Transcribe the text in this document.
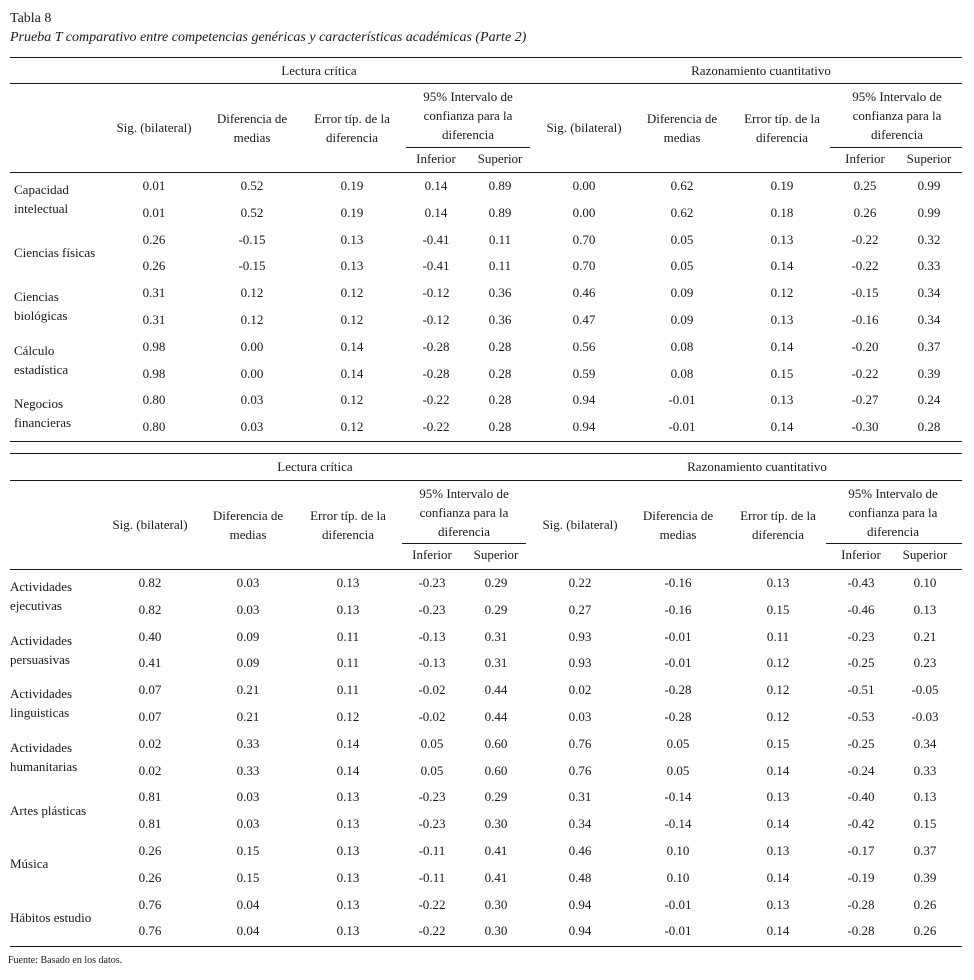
Tabla 8
Prueba T comparativo entre competencias genéricas y características académicas (Parte 2)
Lectura crítica	Razonamiento cuantitativo
Sig. (bilateral)
Diferencia de medias
Error típ. de la diferencia
95% Intervalo de confianza para la diferencia
Inferior	Superior
Sig. (bilateral)
Diferencia de medias
Error típ. de la diferencia
95% Intervalo de confianza para la diferencia
Inferior	Superior
Capacidad intelectual
0.01	0.52	0.19	0.14	0.89	0.00	0.62	0.19	0.25	0.99
0.01	0.52	0.19	0.14	0.89	0.00	0.62	0.18	0.26	0.99
Ciencias físicas
0.26	-0.15	0.13	-0.41	0.11	0.70	0.05	0.13	-0.22	0.32
0.26	-0.15	0.13	-0.41	0.11	0.70	0.05	0.14	-0.22	0.33
Ciencias biológicas
0.31	0.12	0.12	-0.12	0.36	0.46	0.09	0.12	-0.15	0.34
0.31	0.12	0.12	-0.12	0.36	0.47	0.09	0.13	-0.16	0.34
Cálculo estadística
0.98	0.00	0.14	-0.28	0.28	0.56	0.08	0.14	-0.20	0.37
0.98	0.00	0.14	-0.28	0.28	0.59	0.08	0.15	-0.22	0.39
Negocios financieras
0.80	0.03	0.12	-0.22	0.28	0.94	-0.01	0.13	-0.27	0.24
0.80	0.03	0.12	-0.22	0.28	0.94	-0.01	0.14	-0.30	0.28
Lectura crítica	Razonamiento cuantitativo
Sig. (bilateral)
Diferencia de medias
Error típ. de la diferencia
95% Intervalo de confianza para la diferencia
Inferior	Superior
Sig. (bilateral)
Diferencia de medias
Error típ. de la diferencia
95% Intervalo de confianza para la diferencia
Inferior	Superior
Actividades ejecutivas
0.82	0.03	0.13	-0.23	0.29	0.22	-0.16	0.13	-0.43	0.10
0.82	0.03	0.13	-0.23	0.29	0.27	-0.16	0.15	-0.46	0.13
Actividades persuasivas
0.40	0.09	0.11	-0.13	0.31	0.93	-0.01	0.11	-0.23	0.21
0.41	0.09	0.11	-0.13	0.31	0.93	-0.01	0.12	-0.25	0.23
Actividades linguisticas
0.07	0.21	0.11	-0.02	0.44	0.02	-0.28	0.12	-0.51	-0.05
0.07	0.21	0.12	-0.02	0.44	0.03	-0.28	0.12	-0.53	-0.03
Actividades humanitarias
0.02	0.33	0.14	0.05	0.60	0.76	0.05	0.15	-0.25	0.34
0.02	0.33	0.14	0.05	0.60	0.76	0.05	0.14	-0.24	0.33
Artes plásticas
0.81	0.03	0.13	-0.23	0.29	0.31	-0.14	0.13	-0.40	0.13
0.81	0.03	0.13	-0.23	0.30	0.34	-0.14	0.14	-0.42	0.15
Música
0.26	0.15	0.13	-0.11	0.41	0.46	0.10	0.13	-0.17	0.37
0.26	0.15	0.13	-0.11	0.41	0.48	0.10	0.14	-0.19	0.39
Hábitos estudio
0.76	0.04	0.13	-0.22	0.30	0.94	-0.01	0.13	-0.28	0.26
0.76	0.04	0.13	-0.22	0.30	0.94	-0.01	0.14	-0.28	0.26
Fuente: Basado en los datos.
